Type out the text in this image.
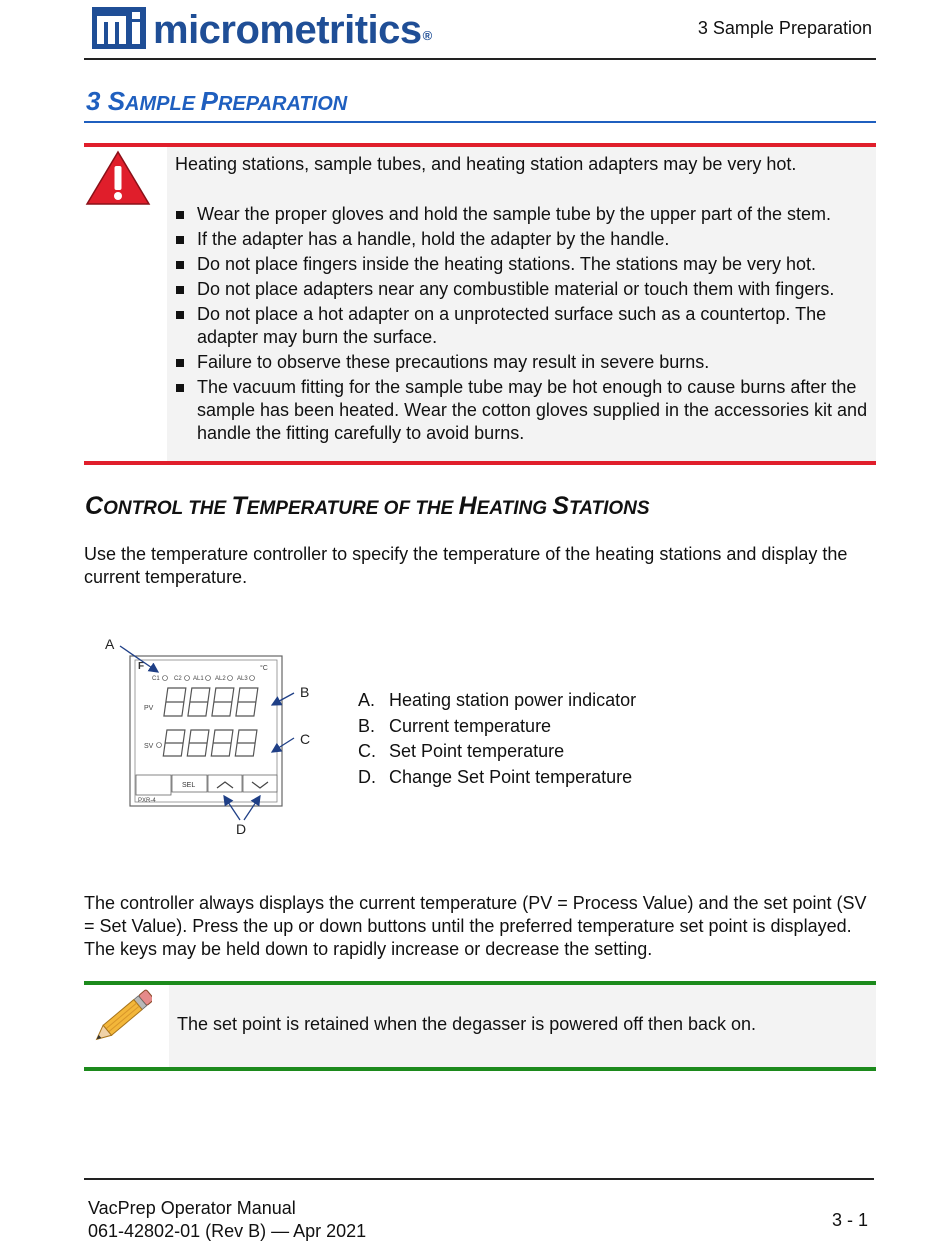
micrometritics®	3 Sample Preparation
3 SAMPLE PREPARATION
Heating stations, sample tubes, and heating station adapters may be very hot.
Wear the proper gloves and hold the sample tube by the upper part of the stem.
If the adapter has a handle, hold the adapter by the handle.
Do not place fingers inside the heating stations. The stations may be very hot.
Do not place adapters near any combustible material or touch them with fingers.
Do not place a hot adapter on a unprotected surface such as a countertop. The adapter may burn the surface.
Failure to observe these precautions may result in severe burns.
The vacuum fitting for the sample tube may be hot enough to cause burns after the sample has been heated. Wear the cotton gloves supplied in the accessories kit and handle the fitting carefully to avoid burns.
CONTROL THE TEMPERATURE OF THE HEATING STATIONS
Use the temperature controller to specify the temperature of the heating stations and display the current temperature.
F	°C
C1 C2 AL1 AL2 AL3
PV
SV
SEL
PXR-4
A
B
C
D
A. Heating station power indicator
B. Current temperature
C. Set Point temperature
D. Change Set Point temperature
The controller always displays the current temperature (PV = Process Value) and the set point (SV = Set Value). Press the up or down buttons until the preferred temperature set point is displayed. The keys may be held down to rapidly increase or decrease the setting.
The set point is retained when the degasser is powered off then back on.
VacPrep Operator Manual
061-42802-01 (Rev B) — Apr 2021
3 - 1
